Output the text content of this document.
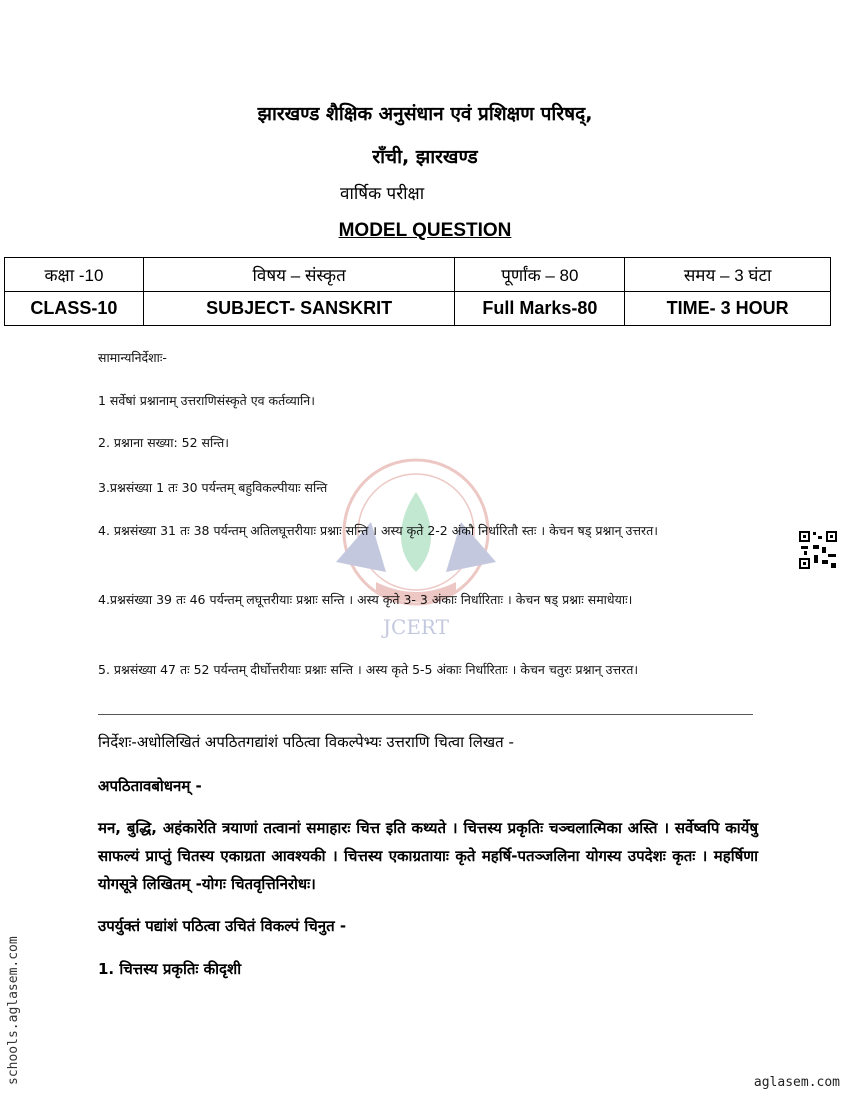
झारखण्ड शैक्षिक अनुसंधान एवं प्रशिक्षण परिषद्,
राँची, झारखण्ड
वार्षिक परीक्षा
MODEL QUESTION
कक्षा -10	विषय – संस्कृत	पूर्णांक – 80	समय – 3 घंटा
CLASS-10	SUBJECT- SANSKRIT	Full Marks-80	TIME- 3 HOUR
JCERT
सामान्यनिर्देशाः-
1 सर्वेषां प्रश्नानाम् उत्तराणिसंस्कृते एव कर्तव्यानि।
2. प्रश्नाना सख्या: 52 सन्ति।
3.प्रश्नसंख्या 1 तः 30 पर्यन्तम् बहुविकल्पीयाः सन्ति
4. प्रश्नसंख्या 31 तः 38 पर्यन्तम् अतिलघूत्तरीयाः प्रश्नाः सन्ति । अस्य कृते 2-2 अंकौ निर्धारितौ स्तः । केचन षड् प्रश्नान् उत्तरत।
4.प्रश्नसंख्या 39 तः 46 पर्यन्तम् लघूत्तरीयाः प्रश्नाः सन्ति । अस्य कृते 3- 3 अंकाः निर्धारिताः । केचन षड् प्रश्नाः समाधेयाः।
5. प्रश्नसंख्या 47 तः 52 पर्यन्तम् दीर्घोत्तरीयाः प्रश्नाः सन्ति । अस्य कृते 5-5 अंकाः निर्धारिताः । केचन चतुरः प्रश्नान् उत्तरत।
निर्देशः-अधोलिखितं अपठितगद्यांशं पठित्वा विकल्पेभ्यः उत्तराणि चित्वा लिखत -
अपठितावबोधनम् -
मन, बुद्धि, अहंकारेति त्रयाणां तत्वानां समाहारः चित्त इति कथ्यते । चित्तस्य प्रकृतिः चञ्चलात्मिका अस्ति । सर्वेष्वपि कार्येषु साफल्यं प्राप्तुं चितस्य एकाग्रता आवश्यकी । चित्तस्य एकाग्रतायाः कृते महर्षि-पतञ्जलिना योगस्य उपदेशः कृतः । महर्षिणा योगसूत्रे लिखितम् -योगः चितवृत्तिनिरोधः।
उपर्युक्तं पद्यांशं पठित्वा उचितं विकल्पं चिनुत -
1. चित्तस्य प्रकृतिः कीदृशी
schools.aglasem.com	aglasem.com
